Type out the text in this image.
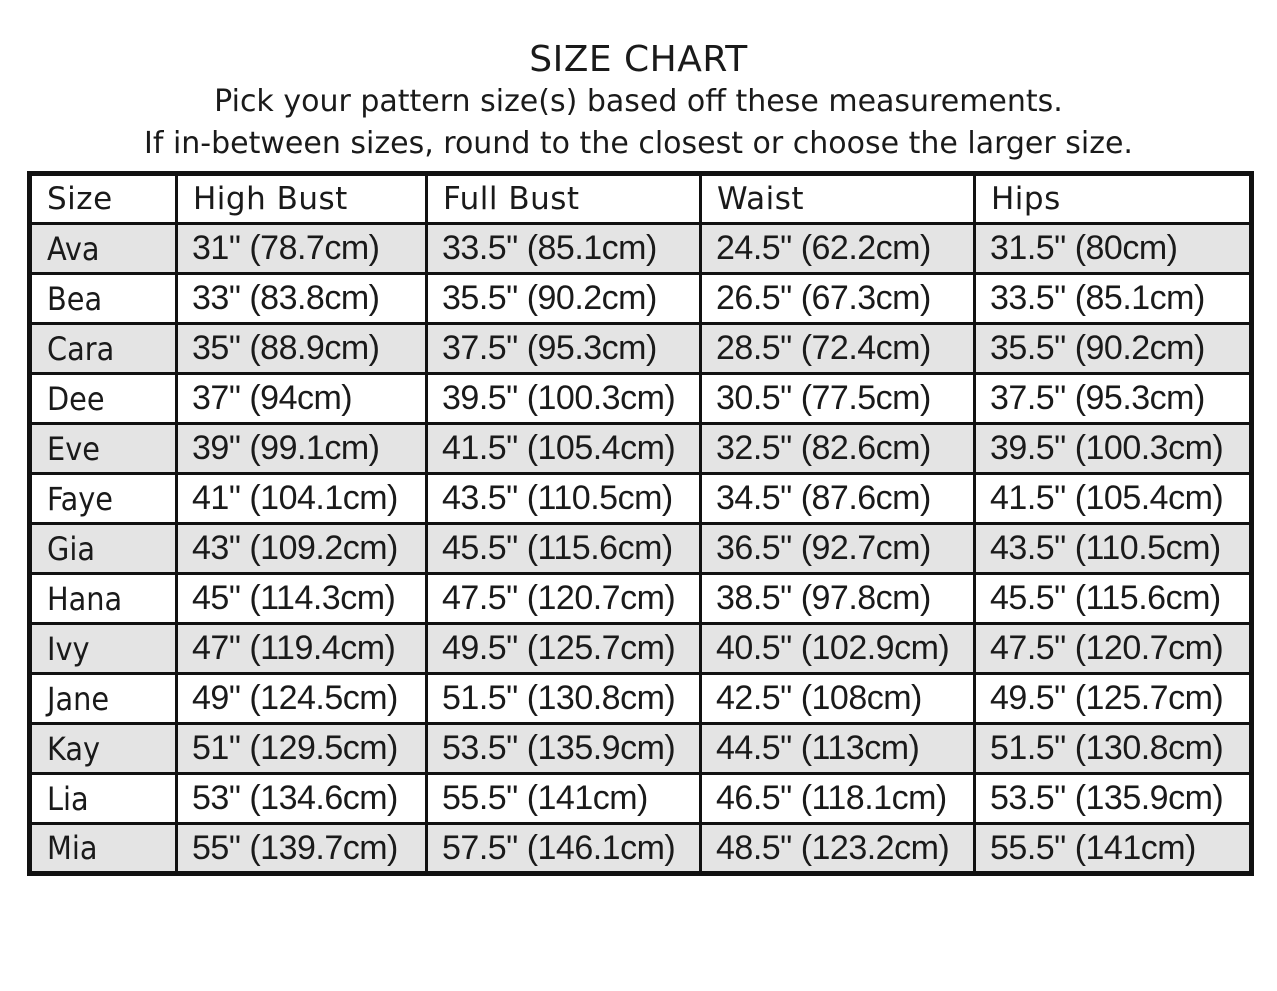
SIZE CHART
Pick your pattern size(s) based off these measurements.
If in-between sizes, round to the closest or choose the larger size.
Size	High Bust	Full Bust	Waist	Hips
Ava	31" (78.7cm)	33.5" (85.1cm)	24.5" (62.2cm)	31.5" (80cm)
Bea	33" (83.8cm)	35.5" (90.2cm)	26.5" (67.3cm)	33.5" (85.1cm)
Cara	35" (88.9cm)	37.5" (95.3cm)	28.5" (72.4cm)	35.5" (90.2cm)
Dee	37" (94cm)	39.5" (100.3cm)	30.5" (77.5cm)	37.5" (95.3cm)
Eve	39" (99.1cm)	41.5" (105.4cm)	32.5" (82.6cm)	39.5" (100.3cm)
Faye	41" (104.1cm)	43.5" (110.5cm)	34.5" (87.6cm)	41.5" (105.4cm)
Gia	43" (109.2cm)	45.5" (115.6cm)	36.5" (92.7cm)	43.5" (110.5cm)
Hana	45" (114.3cm)	47.5" (120.7cm)	38.5" (97.8cm)	45.5" (115.6cm)
Ivy	47" (119.4cm)	49.5" (125.7cm)	40.5" (102.9cm)	47.5" (120.7cm)
Jane	49" (124.5cm)	51.5" (130.8cm)	42.5" (108cm)	49.5" (125.7cm)
Kay	51" (129.5cm)	53.5" (135.9cm)	44.5" (113cm)	51.5" (130.8cm)
Lia	53" (134.6cm)	55.5" (141cm)	46.5" (118.1cm)	53.5" (135.9cm)
Mia	55" (139.7cm)	57.5" (146.1cm)	48.5" (123.2cm)	55.5" (141cm)
